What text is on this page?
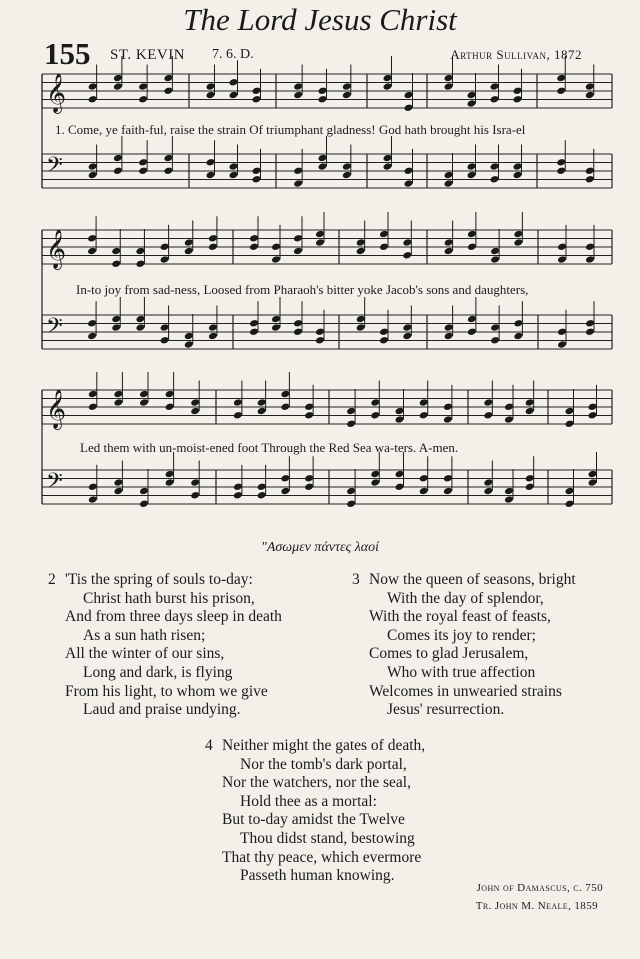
The Lord Jesus Christ
155 ST. KEVIN 7. 6. D.	Arthur Sullivan, 1872
𝄞
𝄢
𝄞
𝄢
𝄞
𝄢
1. Come, ye faith-ful, raise the strain Of triumphant gladness! God hath brought his Isra-el
In-to joy from sad-ness, Loosed from Pharaoh's bitter yoke Jacob's sons and daughters,
Led them with un-moist-ened foot Through the Red Sea wa-ters. A-men.
"Ασωμεν πάντες λαοί
2 'Tis the spring of souls to-day:
Christ hath burst his prison,
And from three days sleep in death
As a sun hath risen;
All the winter of our sins,
Long and dark, is flying
From his light, to whom we give
Laud and praise undying.
3 Now the queen of seasons, bright
With the day of splendor,
With the royal feast of feasts,
Comes its joy to render;
Comes to glad Jerusalem,
Who with true affection
Welcomes in unwearied strains
Jesus' resurrection.
4 Neither might the gates of death,
Nor the tomb's dark portal,
Nor the watchers, nor the seal,
Hold thee as a mortal:
But to-day amidst the Twelve
Thou didst stand, bestowing
That thy peace, which evermore
Passeth human knowing.
John of Damascus, c. 750
Tr. John M. Neale, 1859
